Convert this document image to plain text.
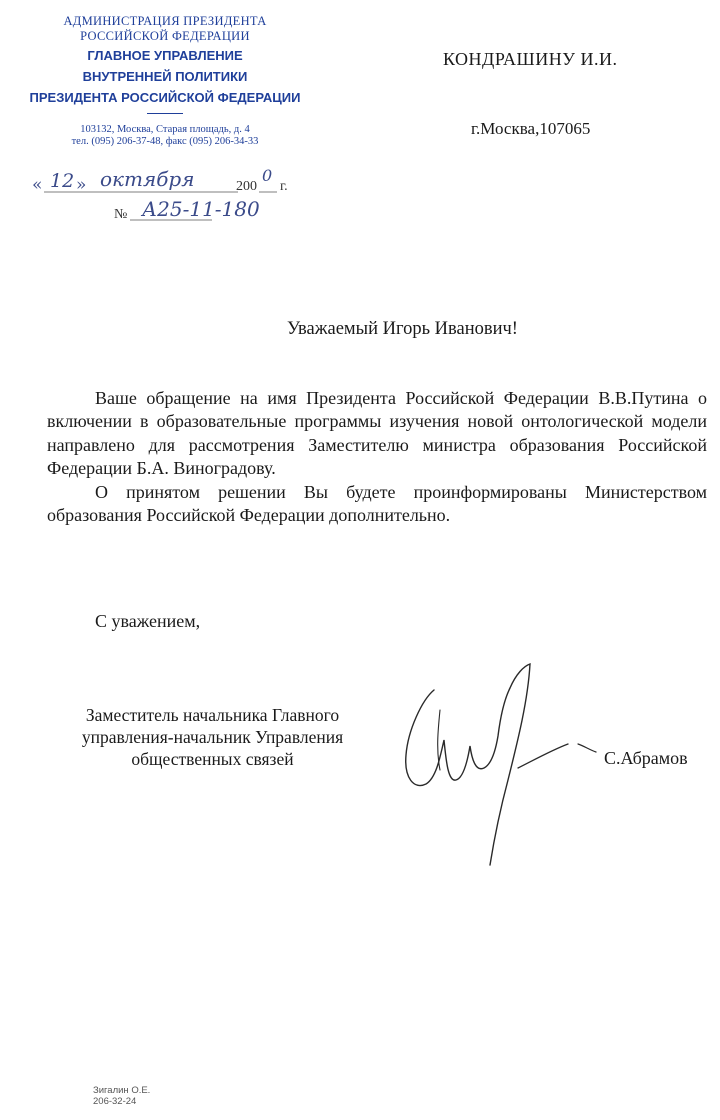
АДМИНИСТРАЦИЯ ПРЕЗИДЕНТА
РОССИЙСКОЙ ФЕДЕРАЦИИ
ГЛАВНОЕ УПРАВЛЕНИЕ
ВНУТРЕННЕЙ ПОЛИТИКИ
ПРЕЗИДЕНТА РОССИЙСКОЙ ФЕДЕРАЦИИ
103132, Москва, Старая площадь, д. 4
тел. (095) 206-37-48, факс (095) 206-34-33
« 12 » октября	200
0
г.
№ А25-11-180
КОНДРАШИНУ И.И.
г.Москва,107065
Уважаемый Игорь Иванович!

Ваше обращение на имя Президента Российской Федерации В.В.Путина о включении в образовательные программы изучения новой онтологической модели направлено для рассмотрения Заместителю министра образования Российской Федерации Б.А. Виноградову.

О принятом решении Вы будете проинформированы Министерством образования Российской Федерации дополнительно.

С уважением,
Заместитель начальника Главного
управления-начальник Управления
общественных связей	С.Абрамов
Зигалин О.Е.
206-32-24
